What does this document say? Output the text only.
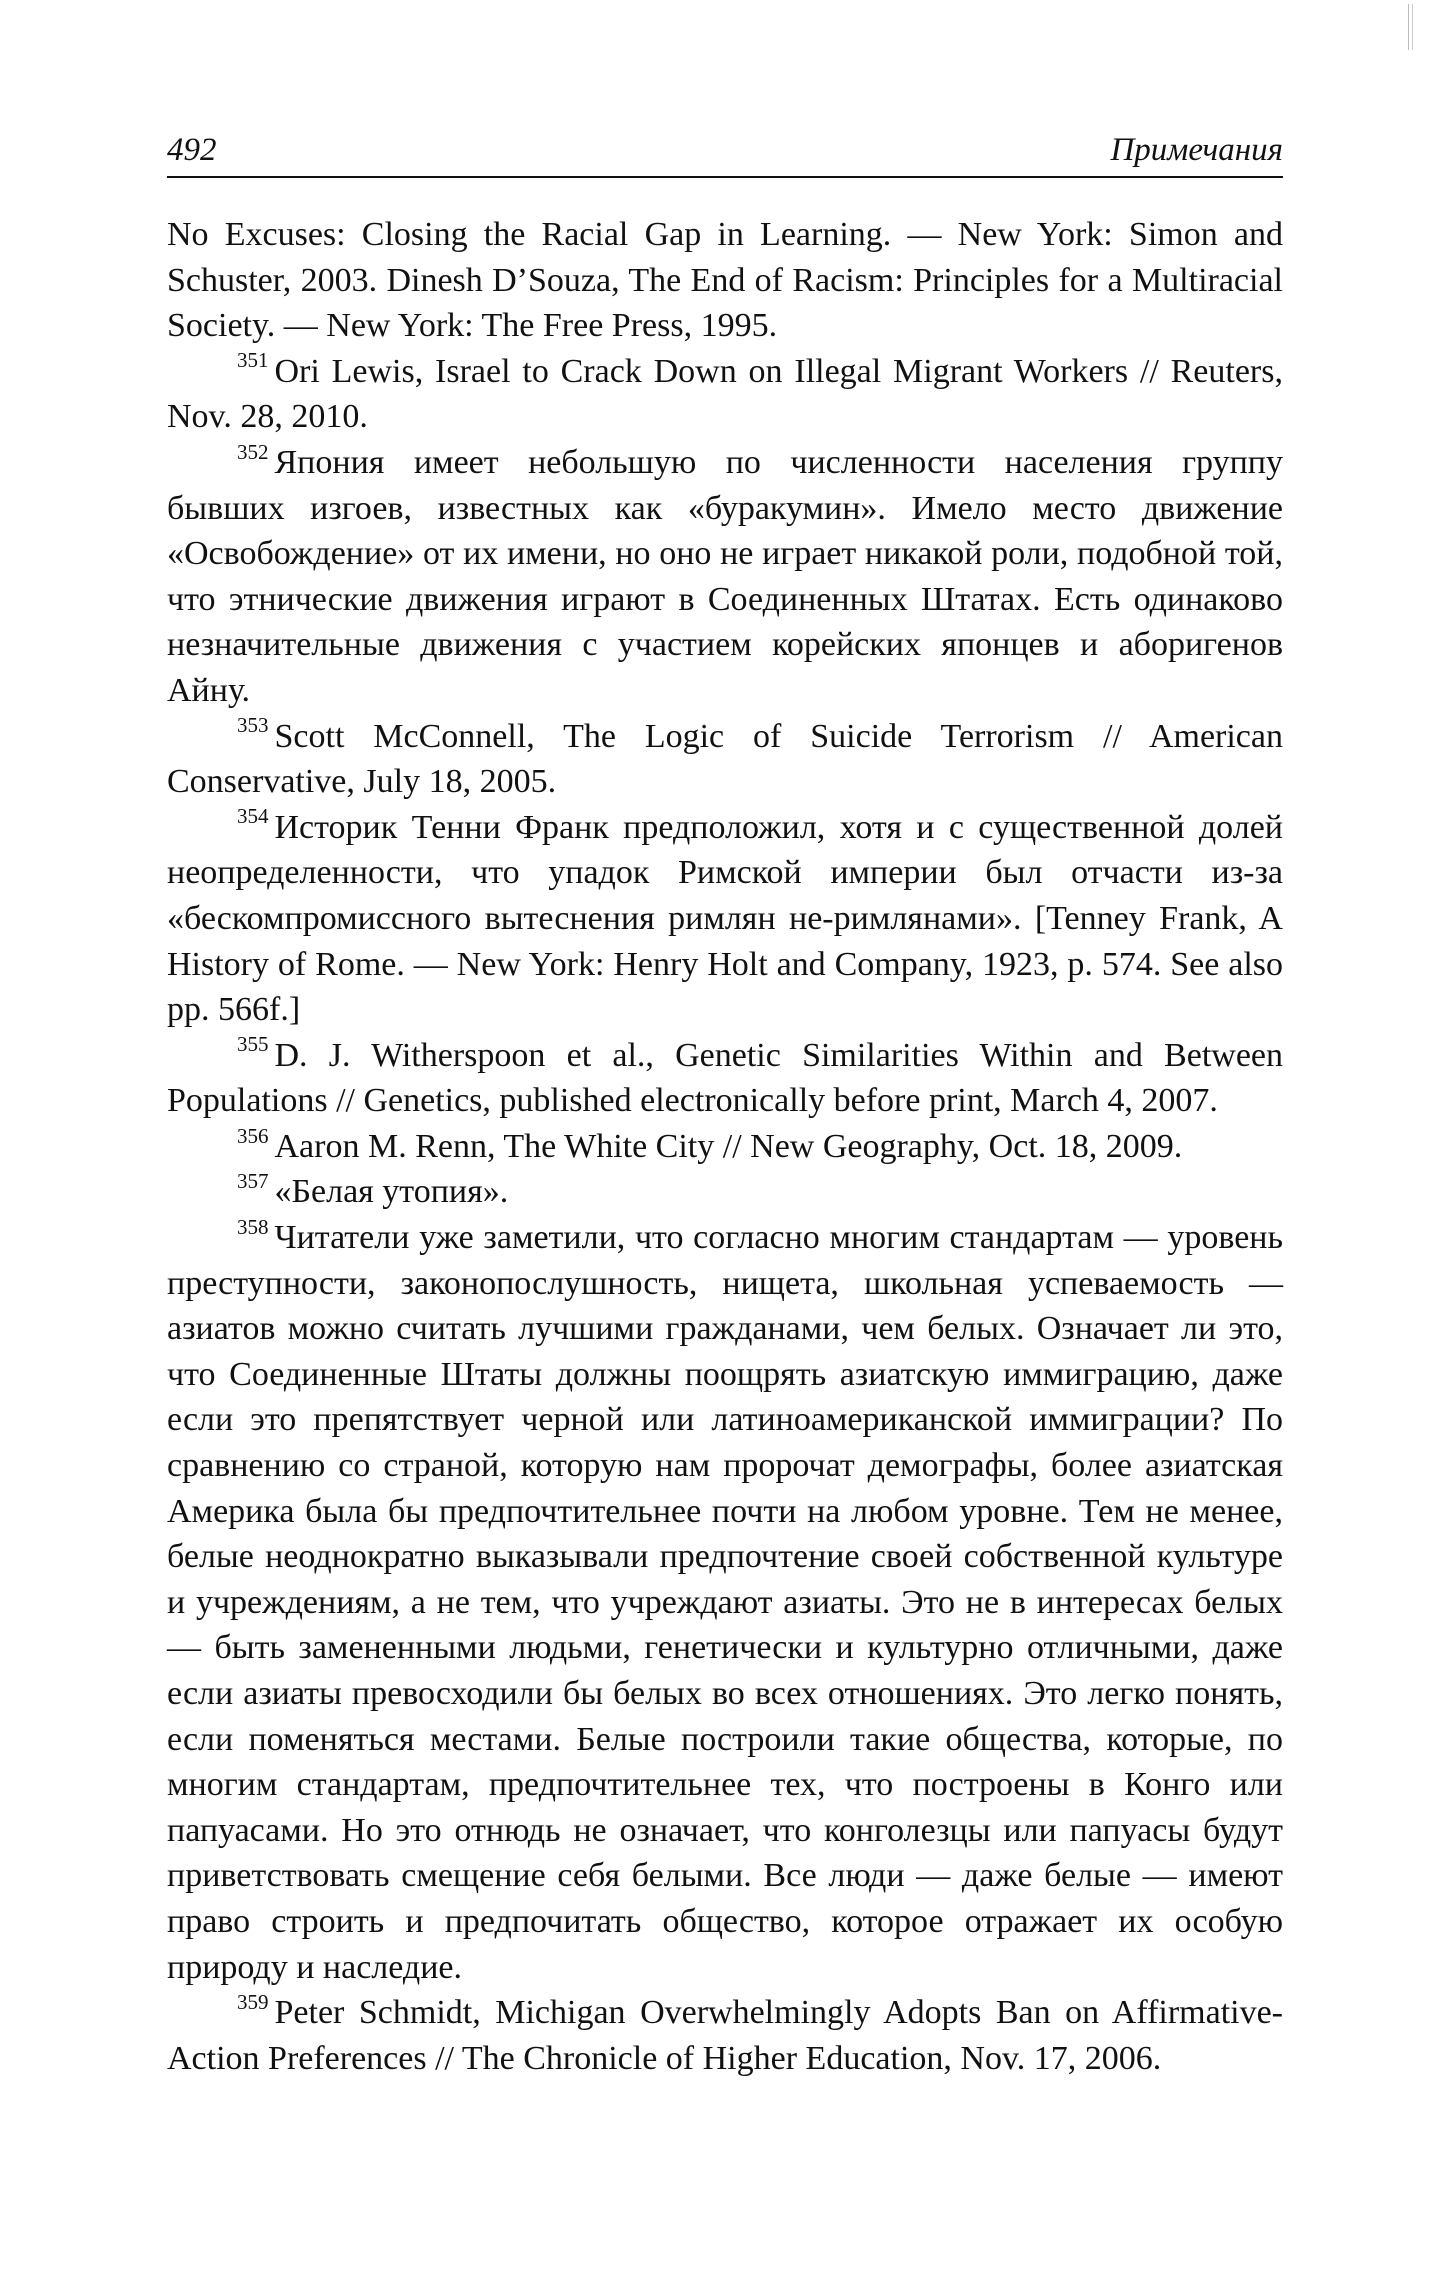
492	Примечания

No Excuses: Closing the Racial Gap in Learning. — New York: Simon and Schuster, 2003. Dinesh D’Souza, The End of Racism: Principles for a Multiracial Society. — New York: The Free Press, 1995.

$^{351}$ Ori Lewis, Israel to Crack Down on Illegal Migrant Workers // Reuters, Nov. 28, 2010.

$^{352}$ Япония имеет небольшую по численности населения группу бывших изгоев, известных как «буракумин». Имело место движение «Освобождение» от их имени, но оно не играет никакой роли, подобной той, что этнические движения играют в Соединенных Штатах. Есть одинаково незначительные движения с участием корейских японцев и аборигенов Айну.

$^{353}$ Scott McConnell, The Logic of Suicide Terrorism // American Conservative, July 18, 2005.

$^{354}$ Историк Тенни Франк предположил, хотя и с существенной долей неопределенности, что упадок Римской империи был отчасти из-за «бескомпромиссного вытеснения римлян не-римлянами». [Tenney Frank, A History of Rome. — New York: Henry Holt and Company, 1923, p. 574. See also pp. 566f.]

$^{355}$ D. J. Witherspoon et al., Genetic Similarities Within and Between Populations // Genetics, published electronically before print, March 4, 2007.

$^{356}$ Aaron M. Renn, The White City // New Geography, Oct. 18, 2009.

$^{357}$ «Белая утопия».

$^{358}$ Читатели уже заметили, что согласно многим стандартам — уровень преступности, законопослушность, нищета, школьная успеваемость — азиатов можно считать лучшими гражданами, чем белых. Означает ли это, что Соединенные Штаты должны поощрять азиатскую иммиграцию, даже если это препятствует черной или латиноамериканской иммиграции? По сравнению со страной, которую нам пророчат демографы, более азиатская Америка была бы предпочтительнее почти на любом уровне. Тем не менее, белые неоднократно выказывали предпочтение своей собственной культуре и учреждениям, а не тем, что учреждают азиаты. Это не в интересах белых — быть замененными людьми, генетически и культурно отличными, даже если азиаты превосходили бы белых во всех отношениях. Это легко понять, если поменяться местами. Белые построили такие общества, которые, по многим стандартам, предпочтительнее тех, что построены в Конго или папуасами. Но это отнюдь не означает, что конголезцы или папуасы будут приветствовать смещение себя белыми. Все люди — даже белые — имеют право строить и предпочитать общество, которое отражает их особую природу и наследие.

$^{359}$ Peter Schmidt, Michigan Overwhelmingly Adopts Ban on Affirmative-Action Preferences // The Chronicle of Higher Education, Nov. 17, 2006.
